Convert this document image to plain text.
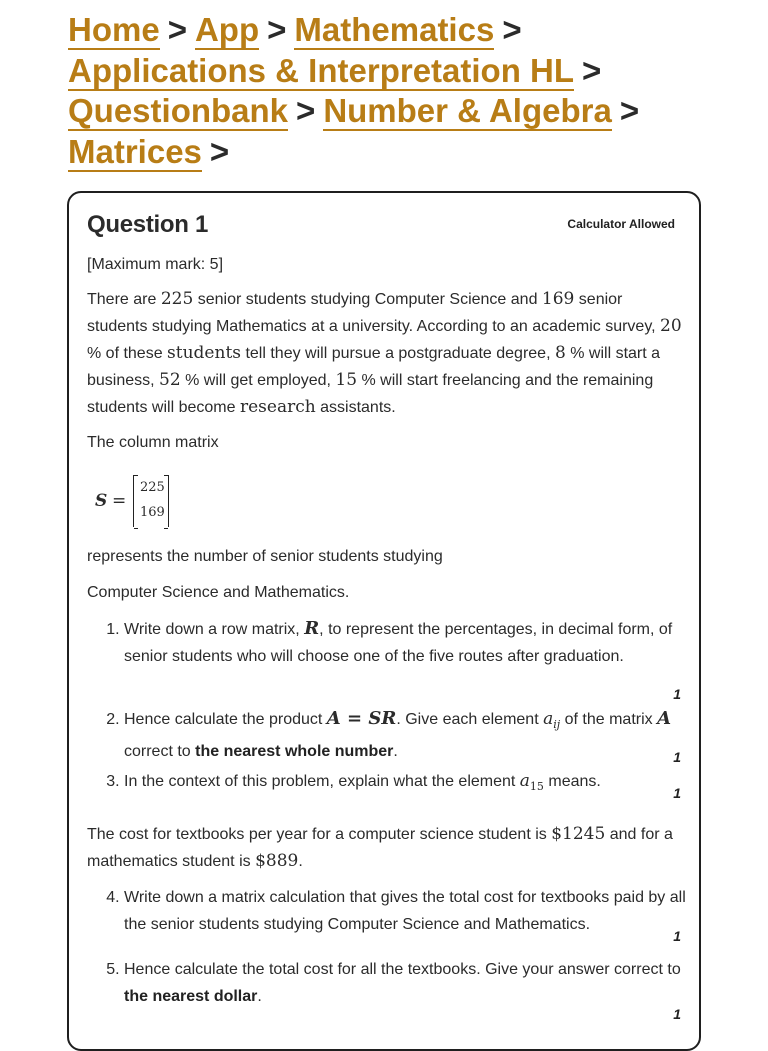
Home > App > Mathematics >
Applications & Interpretation HL >
Questionbank > Number & Algebra >
Matrices >
Question 1	Calculator Allowed
[Maximum mark: 5]
There are 225 senior students studying Computer Science and 169 senior students studying Mathematics at a university. According to an academic survey, 20 % of these students tell they will pursue a postgraduate degree, 8 % will start a business, 52 % will get employed, 15 % will start freelancing and the remaining students will become research assistants.
The column matrix
S =
225
169
represents the number of senior students studying
Computer Science and Mathematics.
1. Write down a row matrix, R, to represent the percentages, in decimal form, of senior students who will choose one of the five routes after graduation.
2. Hence calculate the product A = SR. Give each element $a_{ij}$ of the matrix A correct to the nearest whole number.
3. In the context of this problem, explain what the element $a_{15}$ means.
1
1
1
The cost for textbooks per year for a computer science student is $1245 and for a mathematics student is $889.
4. Write down a matrix calculation that gives the total cost for textbooks paid by all the senior students studying Computer Science and Mathematics.
5. Hence calculate the total cost for all the textbooks. Give your answer correct to the nearest dollar.
1
1
